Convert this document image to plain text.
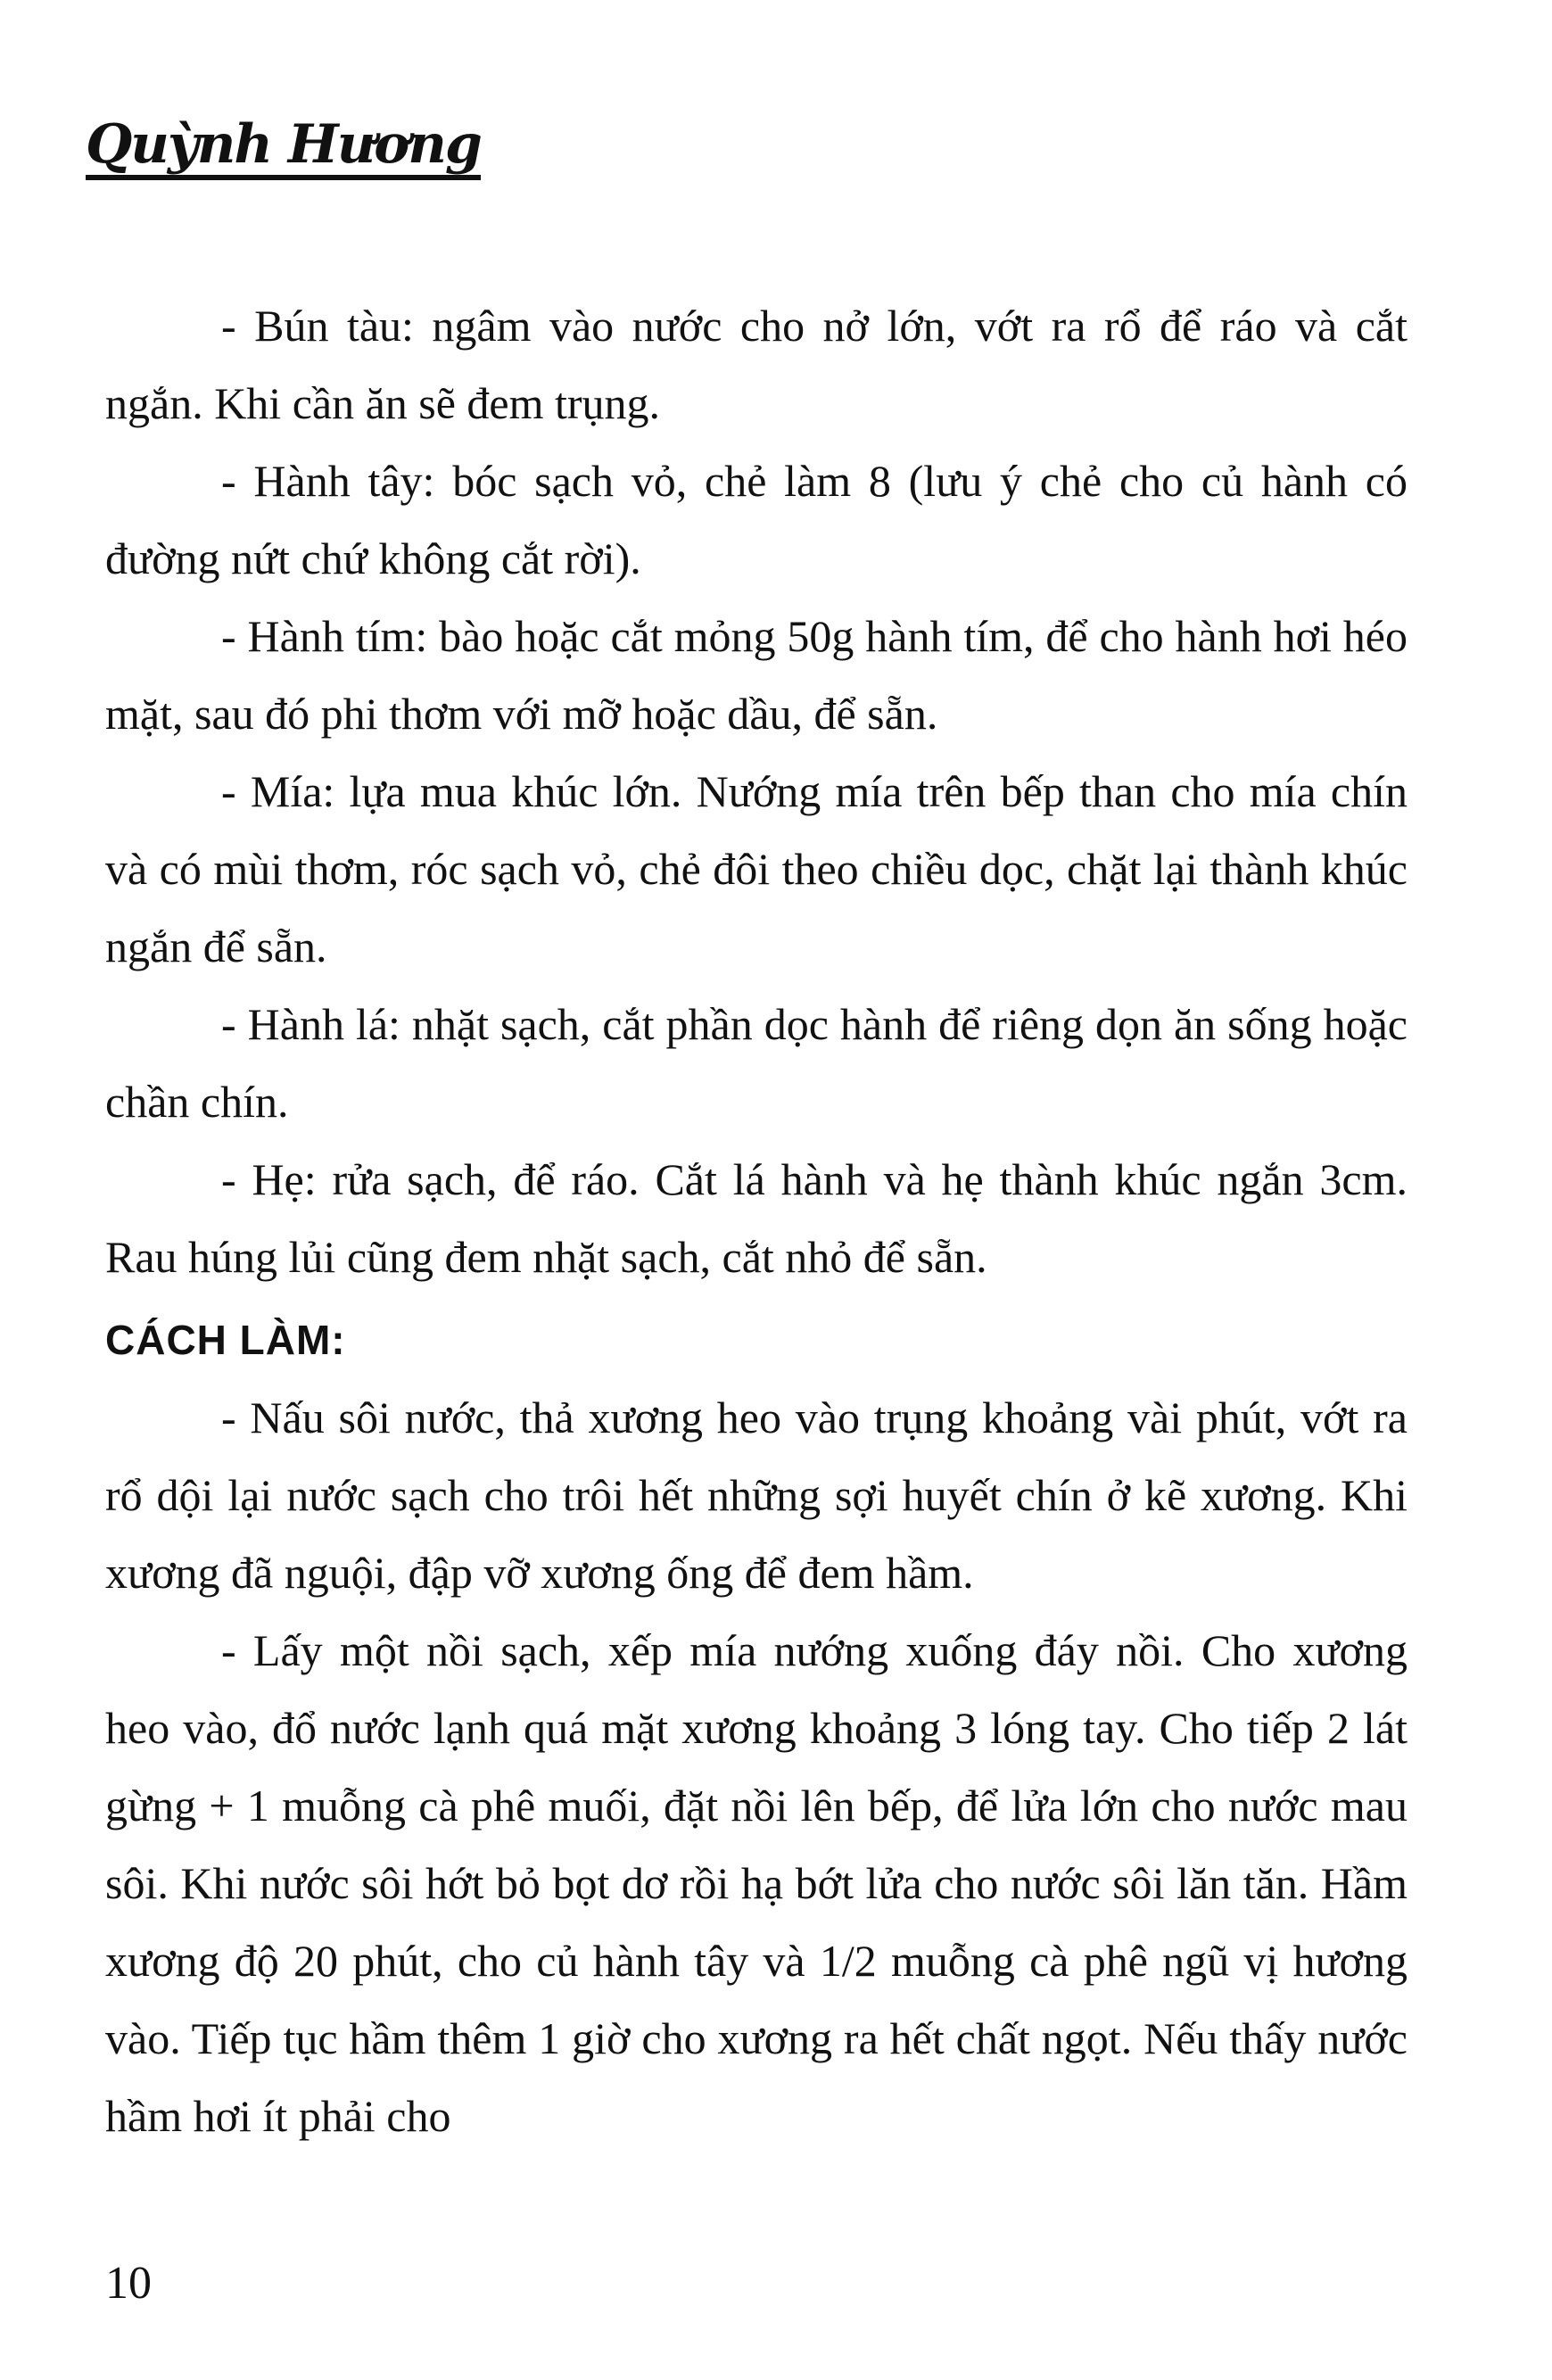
Quỳnh Hương

- Bún tàu: ngâm vào nước cho nở lớn, vớt ra rổ để ráo và cắt ngắn. Khi cần ăn sẽ đem trụng.

- Hành tây: bóc sạch vỏ, chẻ làm 8 (lưu ý chẻ cho củ hành có đường nứt chứ không cắt rời).

- Hành tím: bào hoặc cắt mỏng 50g hành tím, để cho hành hơi héo mặt, sau đó phi thơm với mỡ hoặc dầu, để sẵn.

- Mía: lựa mua khúc lớn. Nướng mía trên bếp than cho mía chín và có mùi thơm, róc sạch vỏ, chẻ đôi theo chiều dọc, chặt lại thành khúc ngắn để sẵn.

- Hành lá: nhặt sạch, cắt phần dọc hành để riêng dọn ăn sống hoặc chần chín.

- Hẹ: rửa sạch, để ráo. Cắt lá hành và hẹ thành khúc ngắn 3cm. Rau húng lủi cũng đem nhặt sạch, cắt nhỏ để sẵn.

CÁCH LÀM:

- Nấu sôi nước, thả xương heo vào trụng khoảng vài phút, vớt ra rổ dội lại nước sạch cho trôi hết những sợi huyết chín ở kẽ xương. Khi xương đã nguội, đập vỡ xương ống để đem hầm.

- Lấy một nồi sạch, xếp mía nướng xuống đáy nồi. Cho xương heo vào, đổ nước lạnh quá mặt xương khoảng 3 lóng tay. Cho tiếp 2 lát gừng + 1 muỗng cà phê muối, đặt nồi lên bếp, để lửa lớn cho nước mau sôi. Khi nước sôi hớt bỏ bọt dơ rồi hạ bớt lửa cho nước sôi lăn tăn. Hầm xương độ 20 phút, cho củ hành tây và 1/2 muỗng cà phê ngũ vị hương vào. Tiếp tục hầm thêm 1 giờ cho xương ra hết chất ngọt. Nếu thấy nước hầm hơi ít phải cho

10
